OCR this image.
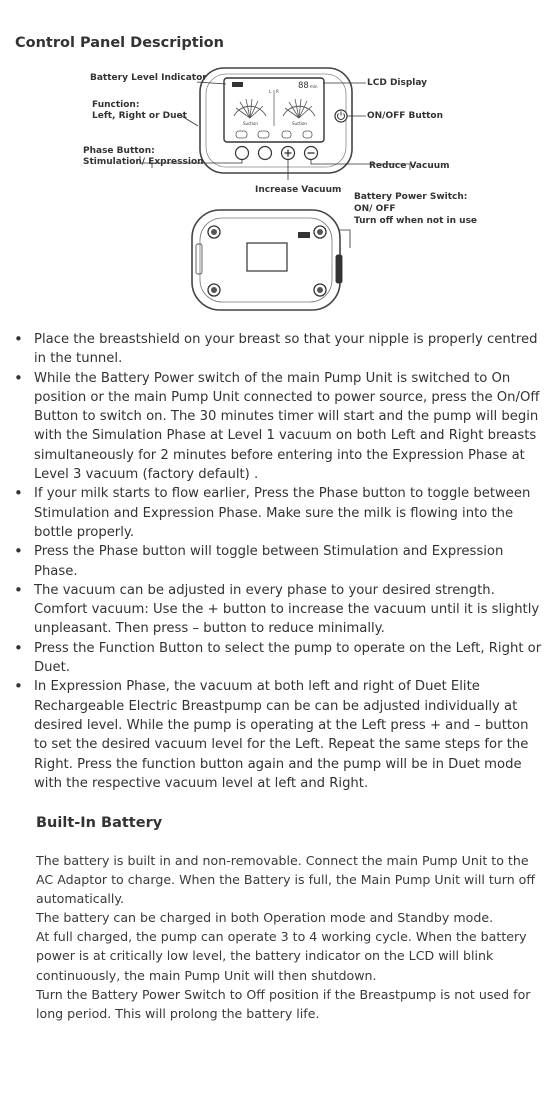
Control Panel Description
88 min
L R
Suction	Suction
Battery Level Indicator
Function:
Left, Right or Duet
Phase Button:
Stimulation/ Expression
LCD Display
ON/OFF Button
Reduce Vacuum
Increase Vacuum
Battery Power Switch:
ON/ OFF
Turn off when not in use
• Place the breastshield on your breast so that your nipple is properly centred in the tunnel.
• While the Battery Power switch of the main Pump Unit is switched to On position or the main Pump Unit connected to power source, press the On/Off Button to switch on. The 30 minutes timer will start and the pump will begin with the Simulation Phase at Level 1 vacuum on both Left and Right breasts simultaneously for 2 minutes before entering into the Expression Phase at Level 3 vacuum (factory default) .
• If your milk starts to flow earlier, Press the Phase button to toggle between Stimulation and Expression Phase. Make sure the milk is flowing into the bottle properly.
• Press the Phase button will toggle between Stimulation and Expression Phase.
• The vacuum can be adjusted in every phase to your desired strength. Comfort vacuum: Use the + button to increase the vacuum until it is slightly unpleasant. Then press – button to reduce minimally.
• Press the Function Button to select the pump to operate on the Left, Right or Duet.
• In Expression Phase, the vacuum at both left and right of Duet Elite Rechargeable Electric Breastpump can be can be adjusted individually at desired level. While the pump is operating at the Left press + and – button to set the desired vacuum level for the Left. Repeat the same steps for the Right. Press the function button again and the pump will be in Duet mode with the respective vacuum level at left and Right.
Built-In Battery

The battery is built in and non-removable. Connect the main Pump Unit to the AC Adaptor to charge. When the Battery is full, the Main Pump Unit will turn off automatically.

The battery can be charged in both Operation mode and Standby mode.

At full charged, the pump can operate 3 to 4 working cycle. When the battery power is at critically low level, the battery indicator on the LCD will blink continuously, the main Pump Unit will then shutdown.

Turn the Battery Power Switch to Off position if the Breastpump is not used for long period. This will prolong the battery life.
